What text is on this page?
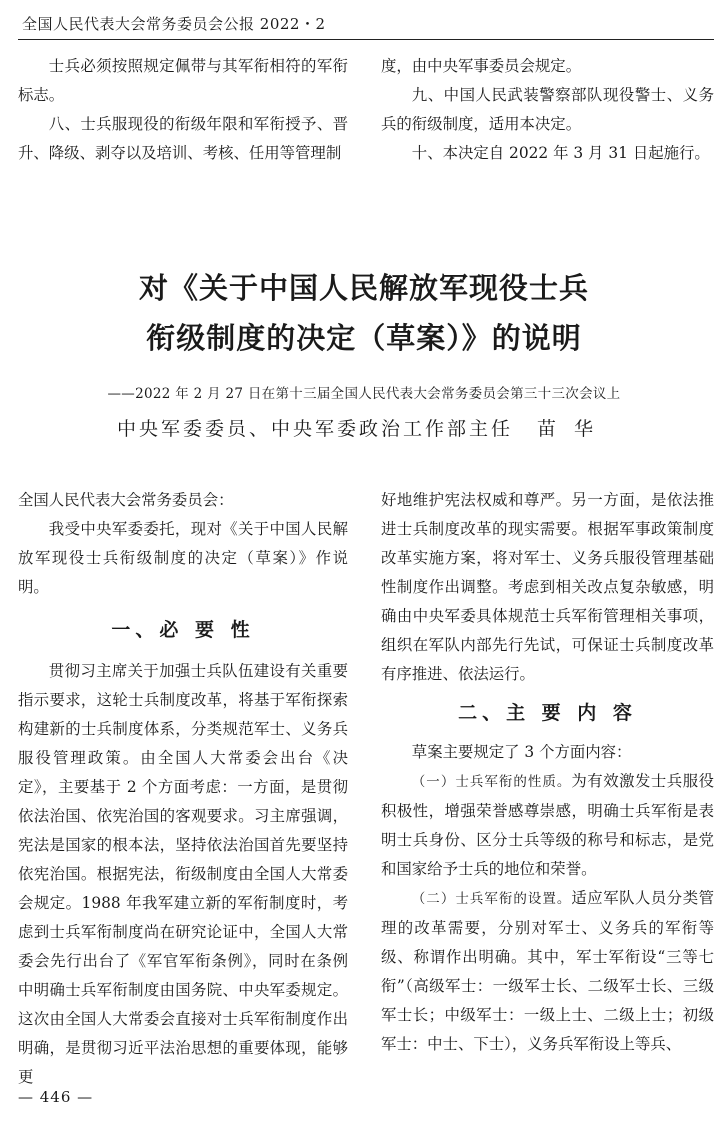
全国人民代表大会常务委员会公报 2022・2

士兵必须按照规定佩带与其军衔相符的军衔标志。

八、士兵服现役的衔级年限和军衔授予、晋升、降级、剥夺以及培训、考核、任用等管理制

度，由中央军事委员会规定。

九、中国人民武装警察部队现役警士、义务兵的衔级制度，适用本决定。

十、本决定自 2022 年 3 月 31 日起施行。

对《关于中国人民解放军现役士兵
衔级制度的决定（草案）》的说明
——2022 年 2 月 27 日在第十三届全国人民代表大会常务委员会第三十三次会议上
中央军委委员、中央军委政治工作部主任 苗华

全国人民代表大会常务委员会：

我受中央军委委托，现对《关于中国人民解放军现役士兵衔级制度的决定（草案）》作说明。

一、必 要 性

贯彻习主席关于加强士兵队伍建设有关重要指示要求，这轮士兵制度改革，将基于军衔探索构建新的士兵制度体系，分类规范军士、义务兵服役管理政策。由全国人大常委会出台《决定》，主要基于 2 个方面考虑：一方面，是贯彻依法治国、依宪治国的客观要求。习主席强调，宪法是国家的根本法，坚持依法治国首先要坚持依宪治国。根据宪法，衔级制度由全国人大常委会规定。1988 年我军建立新的军衔制度时，考虑到士兵军衔制度尚在研究论证中，全国人大常委会先行出台了《军官军衔条例》，同时在条例中明确士兵军衔制度由国务院、中央军委规定。这次由全国人大常委会直接对士兵军衔制度作出明确，是贯彻习近平法治思想的重要体现，能够更

好地维护宪法权威和尊严。另一方面，是依法推进士兵制度改革的现实需要。根据军事政策制度改革实施方案，将对军士、义务兵服役管理基础性制度作出调整。考虑到相关改点复杂敏感，明确由中央军委具体规范士兵军衔管理相关事项，组织在军队内部先行先试，可保证士兵制度改革有序推进、依法运行。

二、主 要 内 容

草案主要规定了 3 个方面内容：

（一）士兵军衔的性质。为有效激发士兵服役积极性，增强荣誉感尊崇感，明确士兵军衔是表明士兵身份、区分士兵等级的称号和标志，是党和国家给予士兵的地位和荣誉。

（二）士兵军衔的设置。适应军队人员分类管理的改革需要，分别对军士、义务兵的军衔等级、称谓作出明确。其中，军士军衔设“三等七衔”（高级军士：一级军士长、二级军士长、三级军士长；中级军士：一级上士、二级上士；初级军士：中士、下士），义务兵军衔设上等兵、

— 446 —
